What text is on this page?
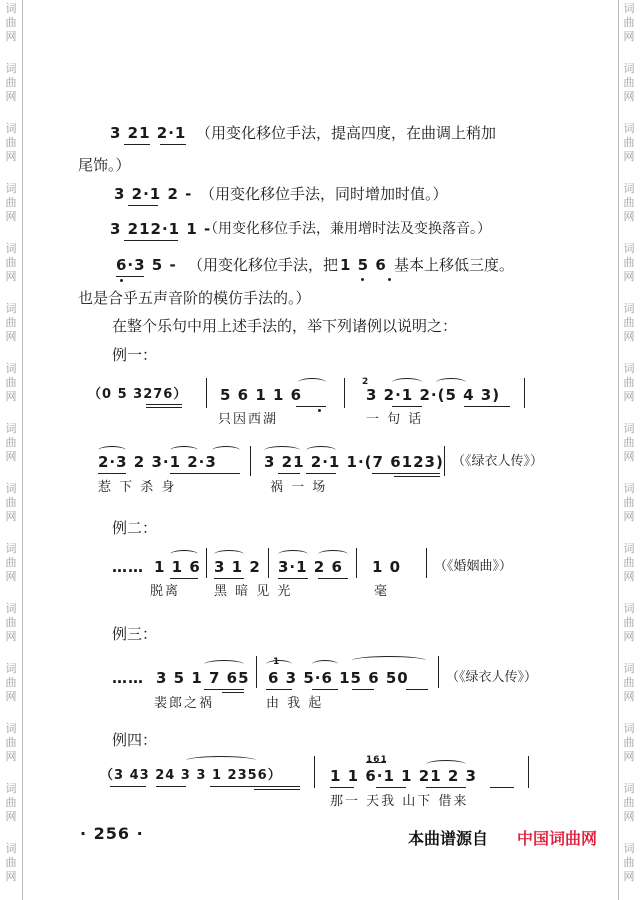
词
曲
网
词
曲
网
词
曲
网
词
曲
网
词
曲
网
词
曲
网
词
曲
网
词
曲
网
词
曲
网
词
曲
网
词
曲
网
词
曲
网
词
曲
网
词
曲
网
词
曲
网
词
曲
网
词
曲
网
词
曲
网
词
曲
网
词
曲
网
词
曲
网
词
曲
网
词
曲
网
词
曲
网
词
曲
网
词
曲
网
词
曲
网
词
曲
网
词
曲
网
词
曲
网
3 21 2·1 （用变化移位手法，提高四度，在曲调上稍加
尾饰。）
3 2·1 2 - （用变化移位手法，同时增加时值。）
3 212·1 1 -
（用变化移位手法，兼用增时法及变换落音。）
6·3 5 - （用变化移位手法，把 1 5 6 基本上移低三度。
也是合乎五声音阶的模仿手法的。）
在整个乐句中用上述手法的，举下列诸例以说明之：
例一：
（0 5 3276） 5 6 1 1 6
2
3 2·1 2·(5 4 3)
只因西湖	一 句 话
2·3 2 3·1 2·3	3 21 2·1 1·(7 6123) （《绿衣人传》）
惹 下 杀 身	祸 一 场
例二：
…… 1 1 6 3 1 2 3·1 2 6 1 0	（《婚姻曲》）
脱离	黑 暗 见 光	毫
例三：
…… 3 5 1 7 65
1
6 3 5·6 15 6 50	（《绿衣人传》）
裴郎之祸	由 我 起
例四：
（3 43 24 3 3 1 2356）
161
1 1 6·1 1 21 2 3
那一 天我 山下 借来
· 256 ·	本曲谱源自 中国词曲网
